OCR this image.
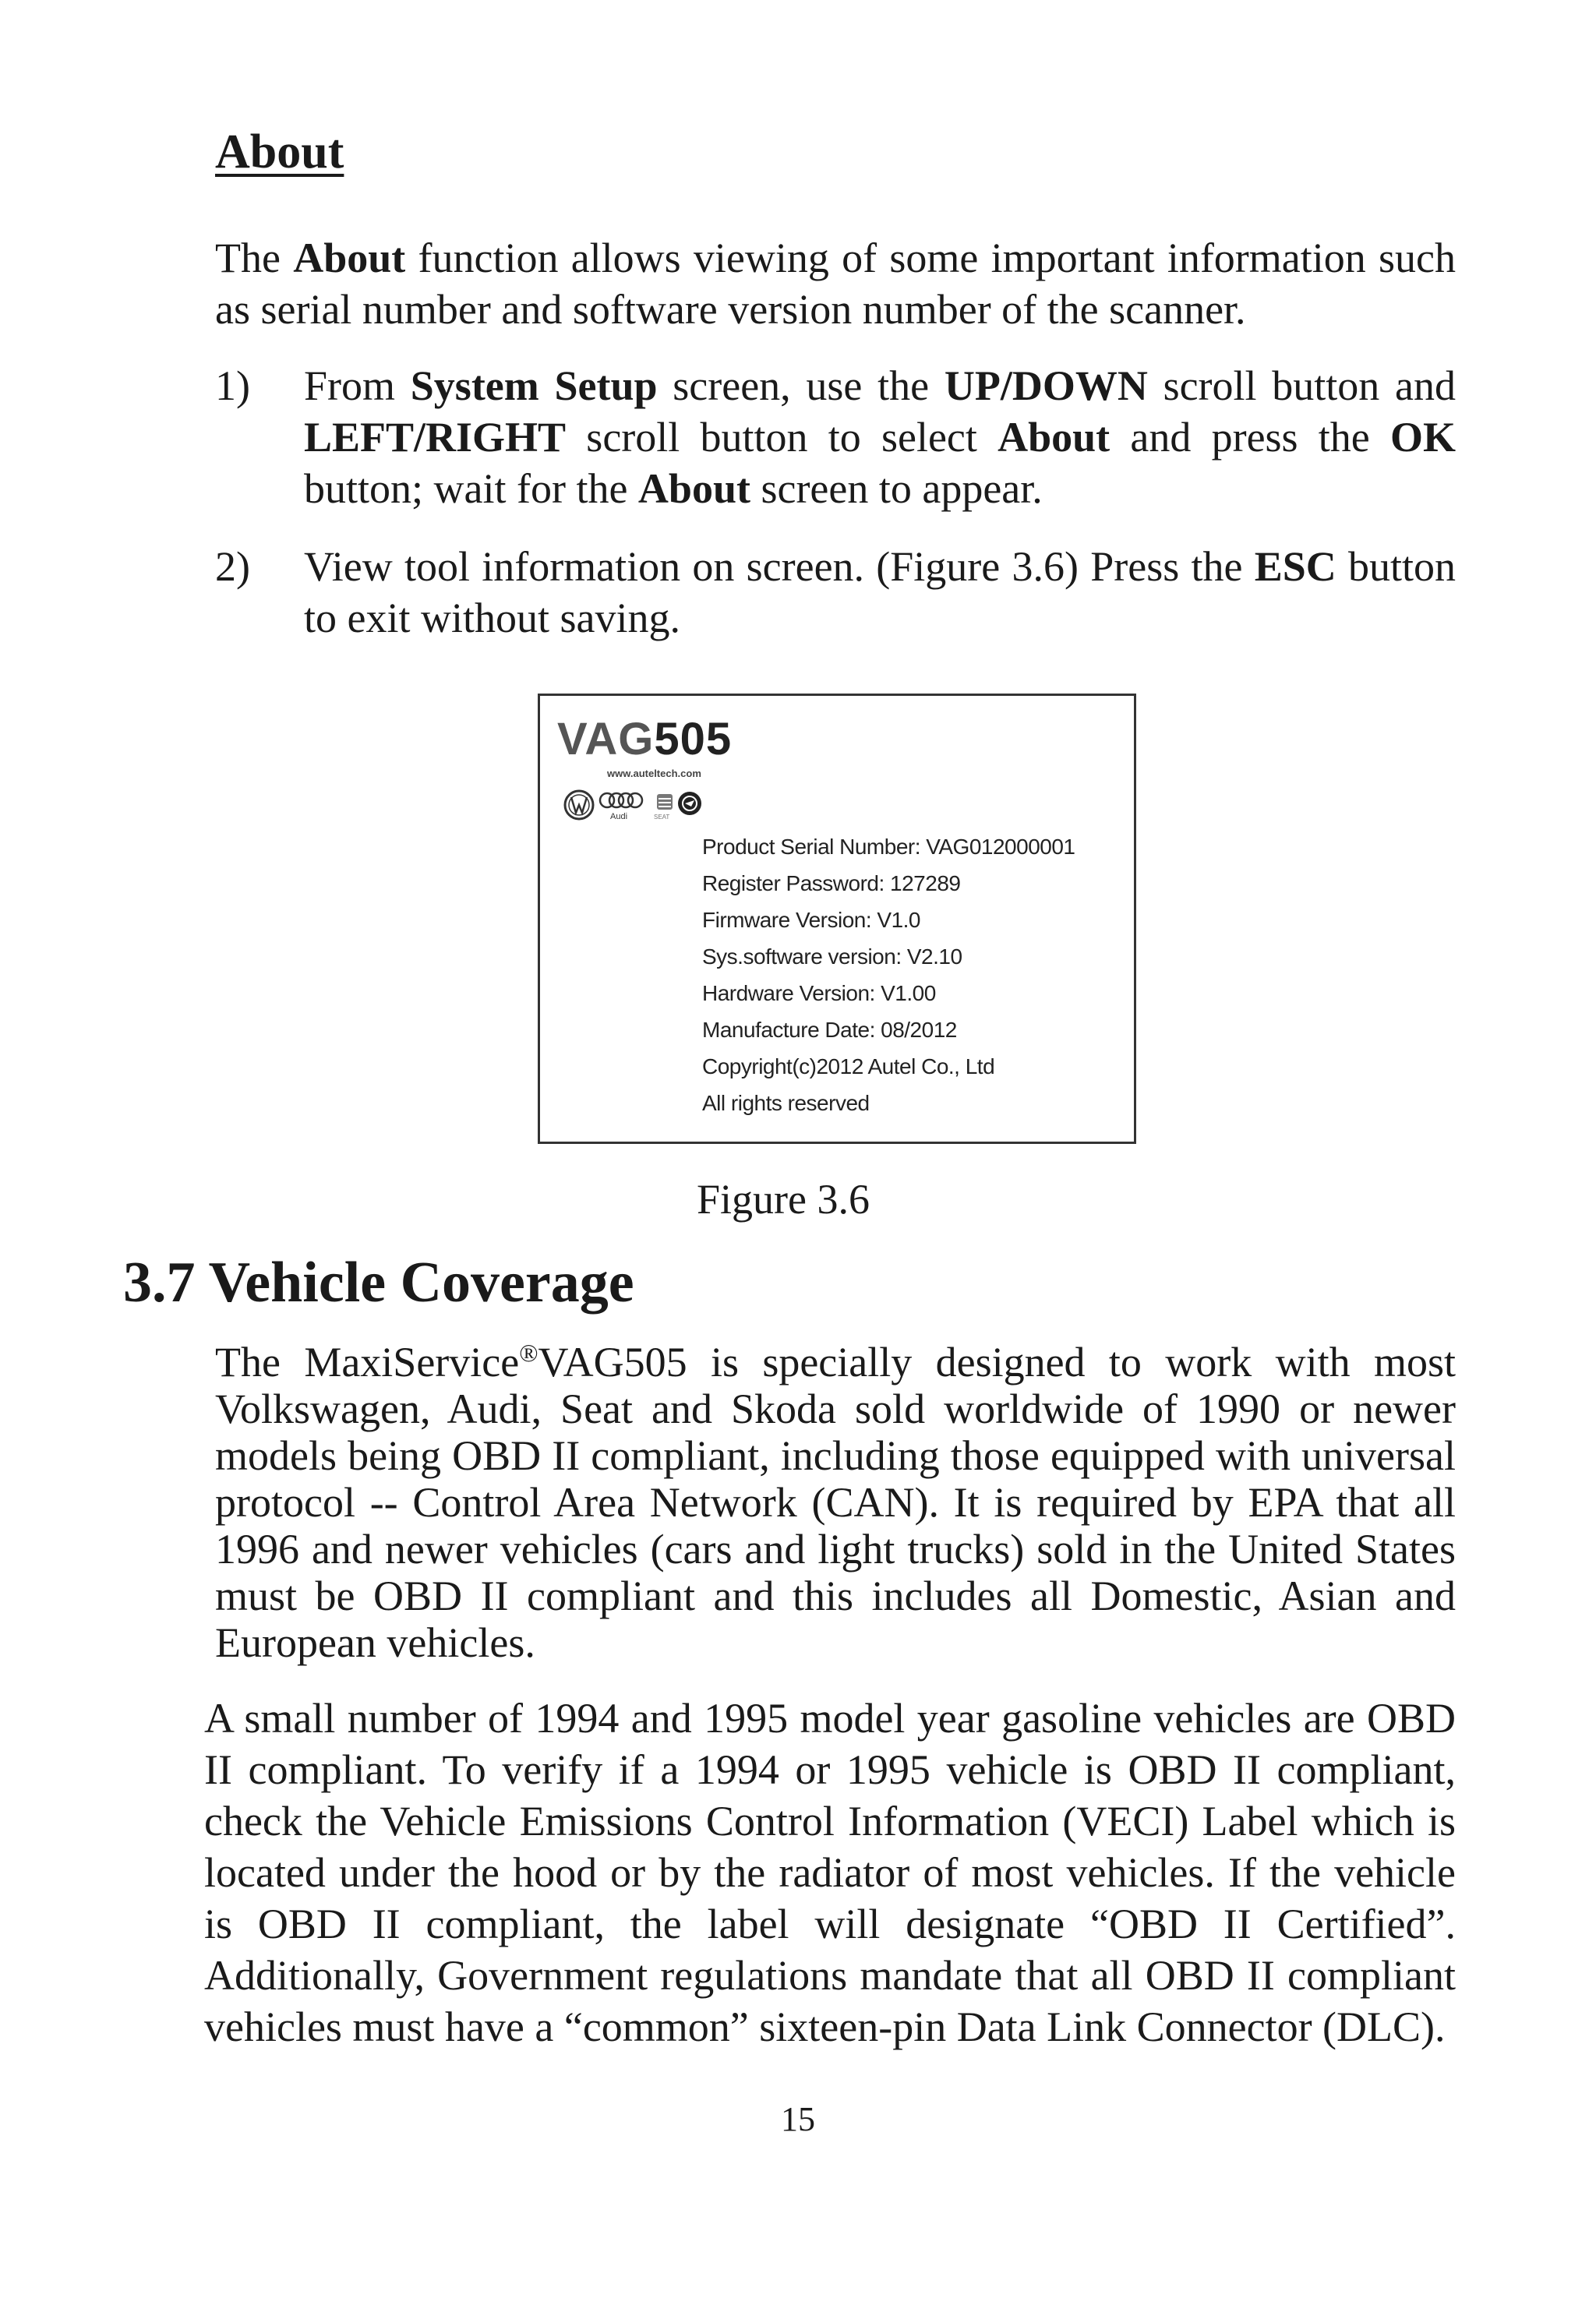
About
The About function allows viewing of some important information such as serial number and software version number of the scanner.
1) From System Setup screen, use the UP/DOWN scroll button and LEFT/RIGHT scroll button to select About and press the OK button; wait for the About screen to appear.
2) View tool information on screen. (Figure 3.6) Press the ESC button to exit without saving.
VAG505
www.auteltech.com
Audi	SEAT
Product Serial Number: VAG012000001
Register Password: 127289
Firmware Version: V1.0
Sys.software version: V2.10
Hardware Version: V1.00
Manufacture Date: 08/2012
Copyright(c)2012 Autel Co., Ltd
All rights reserved
Figure 3.6
3.7 Vehicle Coverage
The MaxiService®VAG505 is specially designed to work with most Volkswagen, Audi, Seat and Skoda sold worldwide of 1990 or newer models being OBD II compliant, including those equipped with universal protocol -- Control Area Network (CAN). It is required by EPA that all 1996 and newer vehicles (cars and light trucks) sold in the United States must be OBD II compliant and this includes all Domestic, Asian and European vehicles.
A small number of 1994 and 1995 model year gasoline vehicles are OBD II compliant. To verify if a 1994 or 1995 vehicle is OBD II compliant, check the Vehicle Emissions Control Information (VECI) Label which is located under the hood or by the radiator of most vehicles. If the vehicle is OBD II compliant, the label will designate “OBD II Certified”. Additionally, Government regulations mandate that all OBD II compliant vehicles must have a “common” sixteen-pin Data Link Connector (DLC).
15
